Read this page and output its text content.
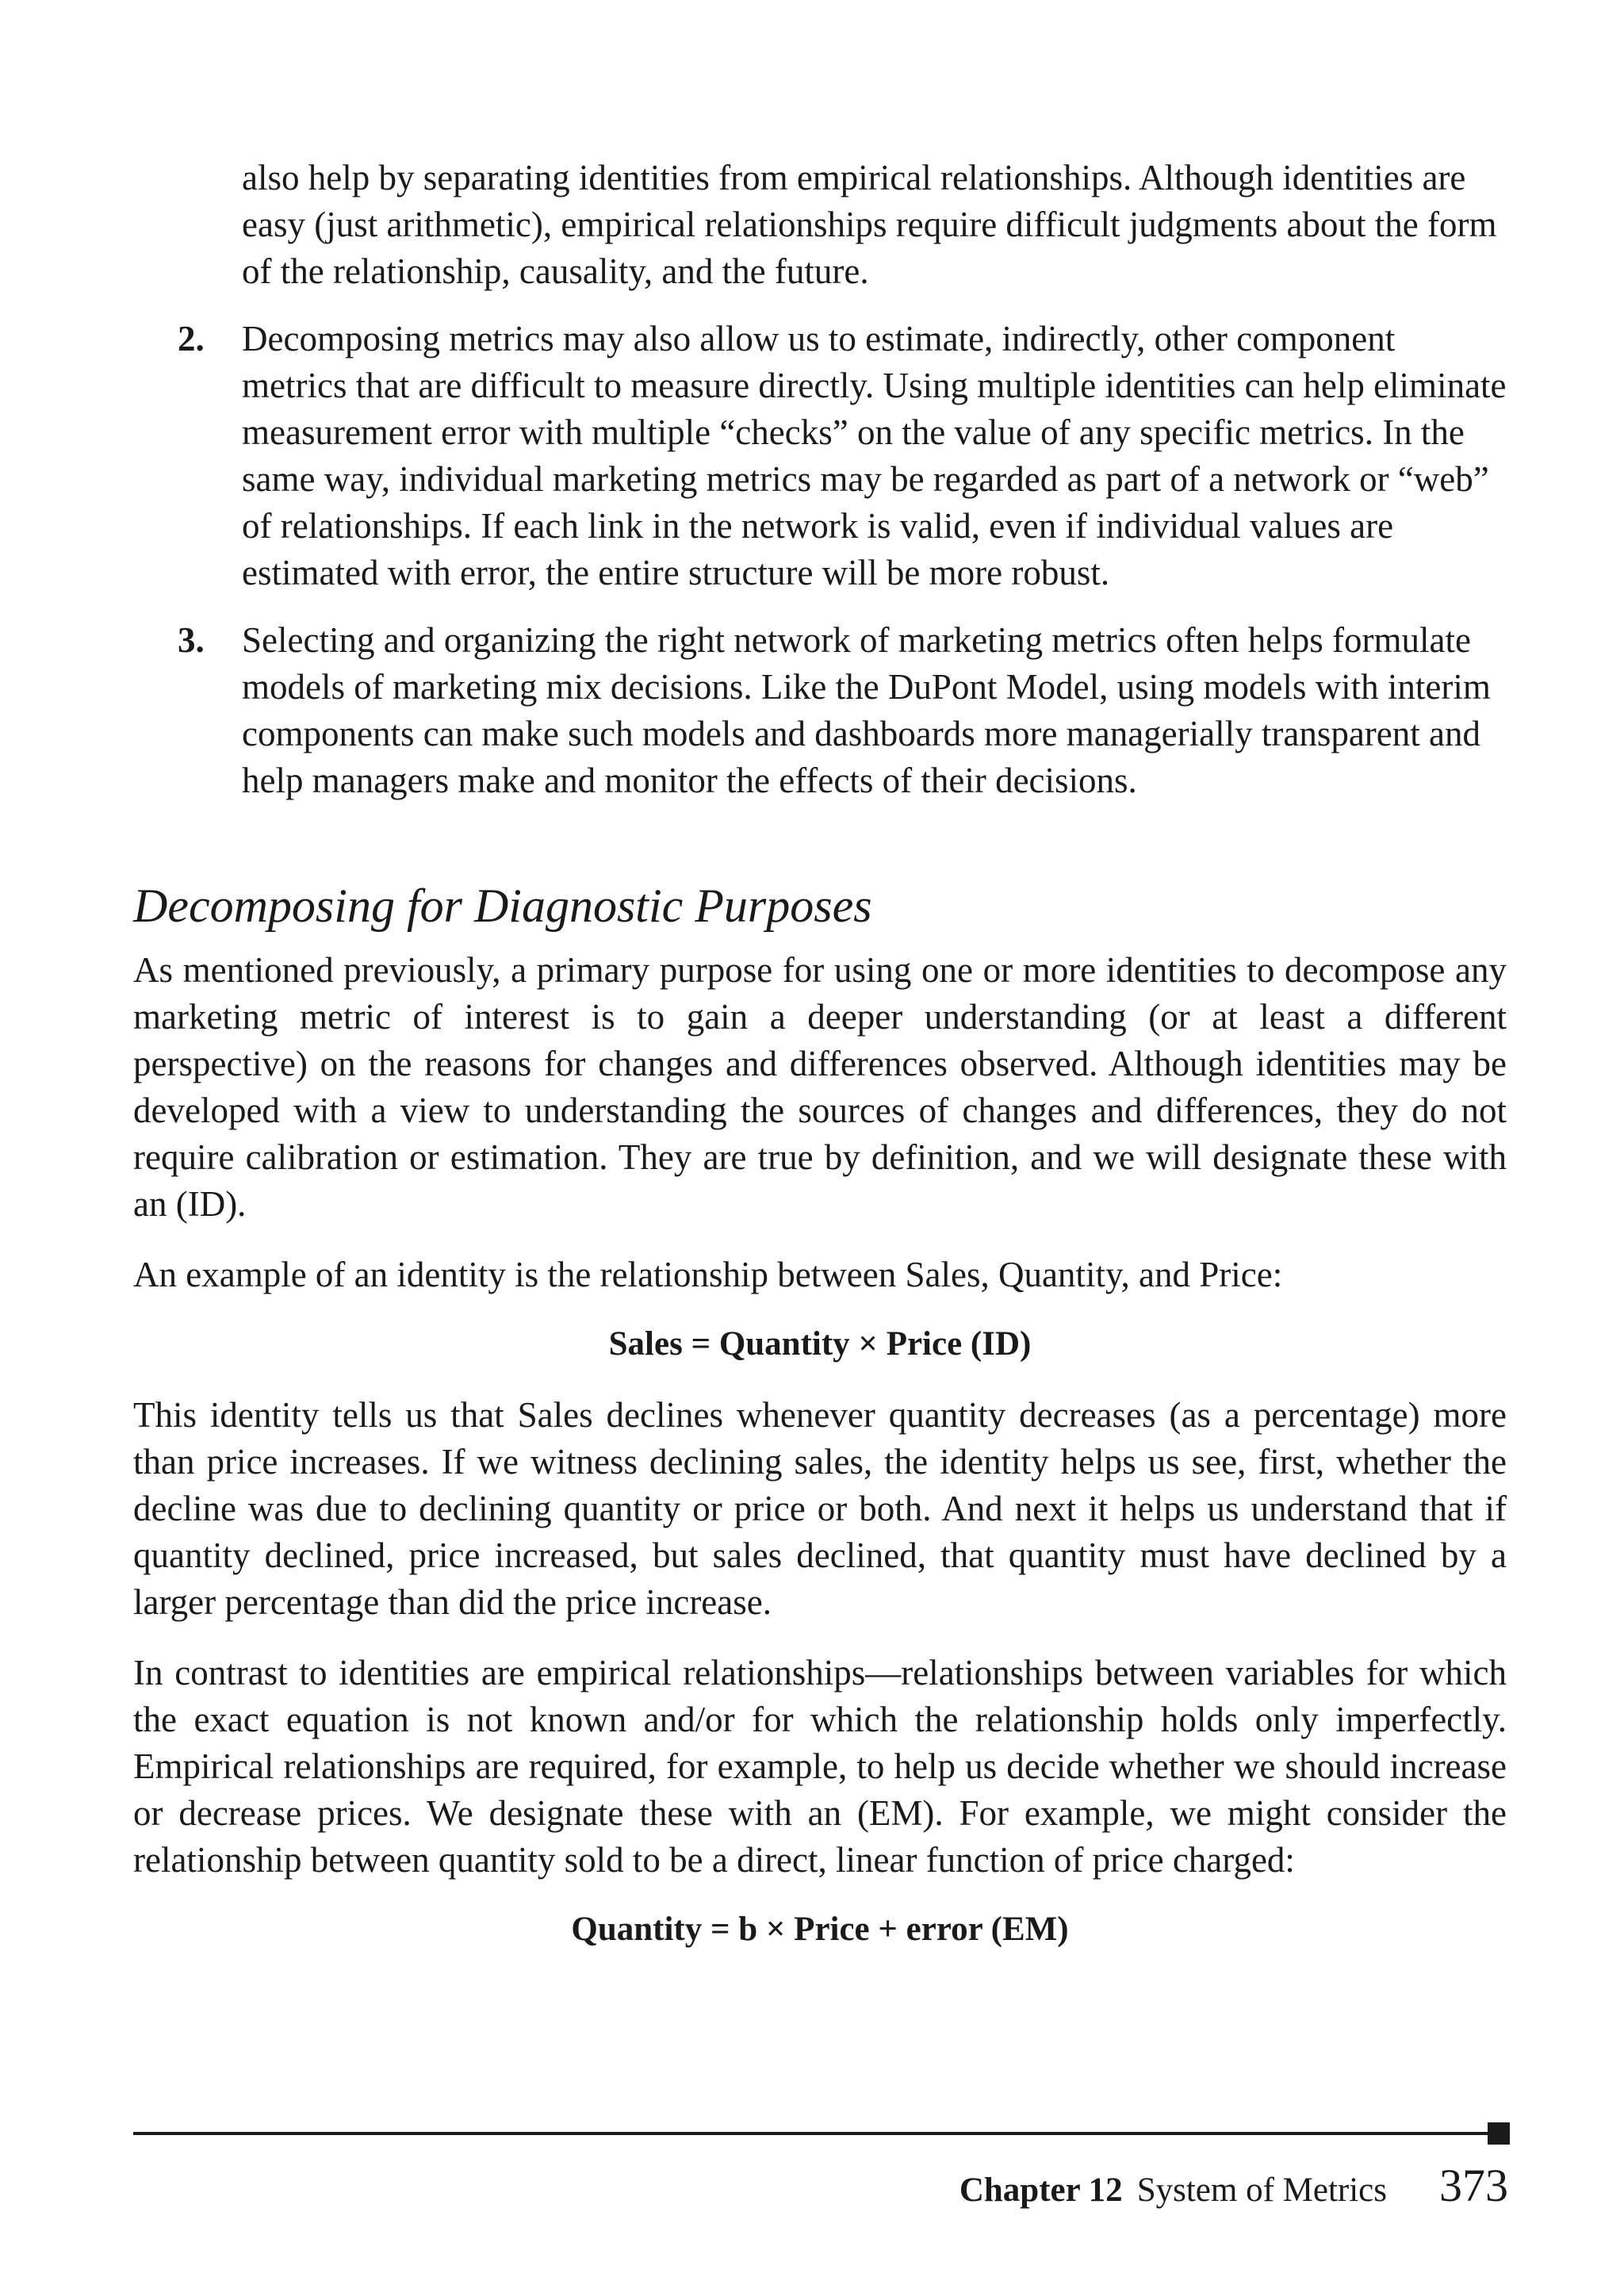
also help by separating identities from empirical relationships. Although identities are easy (just arithmetic), empirical relationships require difficult judgments about the form of the relationship, causality, and the future.

2. Decomposing metrics may also allow us to estimate, indirectly, other component metrics that are difficult to measure directly. Using multiple identities can help eliminate measurement error with multiple “checks” on the value of any specific metrics. In the same way, individual marketing metrics may be regarded as part of a network or “web” of relationships. If each link in the network is valid, even if individual values are estimated with error, the entire structure will be more robust.
3. Selecting and organizing the right network of marketing metrics often helps formulate models of marketing mix decisions. Like the DuPont Model, using models with interim components can make such models and dashboards more managerially transparent and help managers make and monitor the effects of their decisions.
Decomposing for Diagnostic Purposes

As mentioned previously, a primary purpose for using one or more identities to decompose any marketing metric of interest is to gain a deeper understanding (or at least a different perspective) on the reasons for changes and differences observed. Although identities may be developed with a view to understanding the sources of changes and differences, they do not require calibration or estimation. They are true by definition, and we will designate these with an (ID).

An example of an identity is the relationship between Sales, Quantity, and Price:

Sales = Quantity × Price (ID)

This identity tells us that Sales declines whenever quantity decreases (as a percentage) more than price increases. If we witness declining sales, the identity helps us see, first, whether the decline was due to declining quantity or price or both. And next it helps us understand that if quantity declined, price increased, but sales declined, that quantity must have declined by a larger percentage than did the price increase.

In contrast to identities are empirical relationships—relationships between variables for which the exact equation is not known and/or for which the relationship holds only imperfectly. Empirical relationships are required, for example, to help us decide whether we should increase or decrease prices. We designate these with an (EM). For example, we might consider the relationship between quantity sold to be a direct, linear function of price charged:

Quantity = b × Price + error (EM)
Chapter 12 System of Metrics 373
